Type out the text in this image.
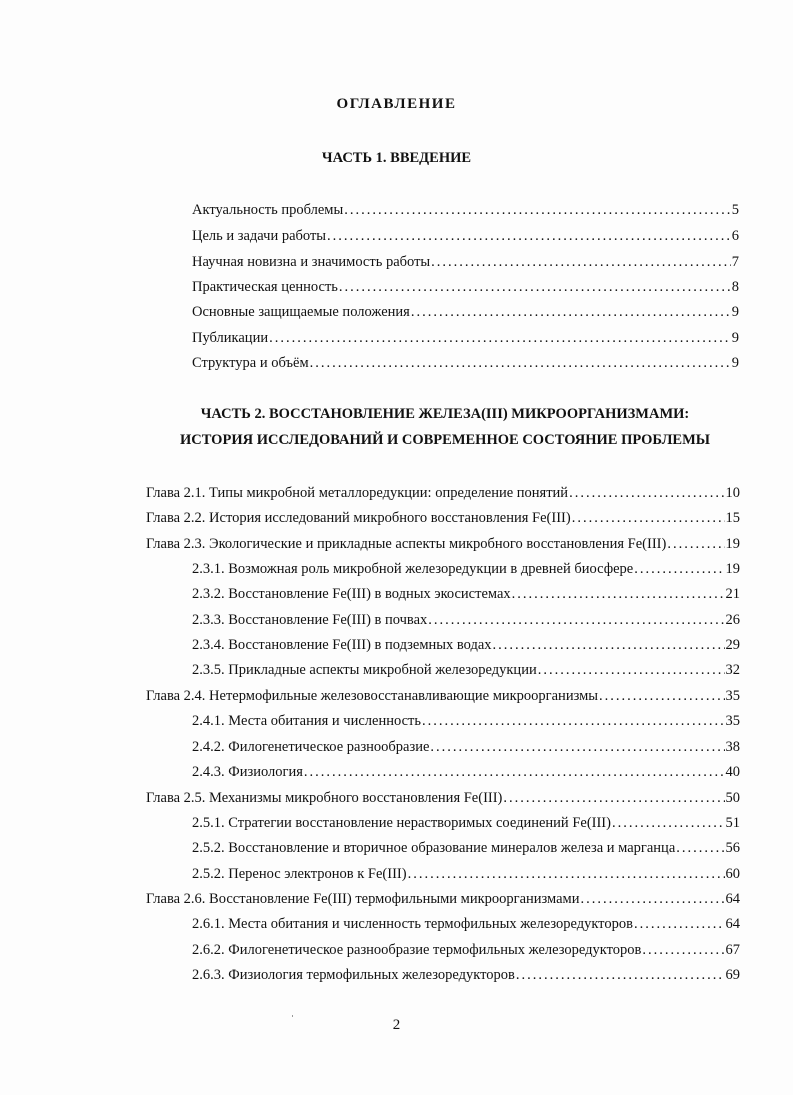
ОГЛАВЛЕНИЕ
ЧАСТЬ 1. ВВЕДЕНИЕ
Актуальность проблемы .....	5
Цель и задачи работы .....	6
Научная новизна и значимость работы .....	7
Практическая ценность .....	8
Основные защищаемые положения .....	9
Публикации .....	9
Структура и объём .....	9
ЧАСТЬ 2. ВОССТАНОВЛЕНИЕ ЖЕЛЕЗА(III) МИКРООРГАНИЗМАМИ:
ИСТОРИЯ ИССЛЕДОВАНИЙ И СОВРЕМЕННОЕ СОСТОЯНИЕ ПРОБЛЕМЫ
Глава 2.1. Типы микробной металлоредукции: определение понятий .....	10
Глава 2.2. История исследований микробного восстановления Fe(III) .....	15
Глава 2.3. Экологические и прикладные аспекты микробного восстановления Fe(III) .....	19
2.3.1. Возможная роль микробной железоредукции в древней биосфере .....	19
2.3.2. Восстановление Fe(III) в водных экосистемах .....	21
2.3.3. Восстановление Fe(III) в почвах .....	26
2.3.4. Восстановление Fe(III) в подземных водах .....	29
2.3.5. Прикладные аспекты микробной железоредукции .....	32
Глава 2.4. Нетермофильные железовосстанавливающие микроорганизмы .....	35
2.4.1. Места обитания и численность .....	35
2.4.2. Филогенетическое разнообразие .....	38
2.4.3. Физиология .....	40
Глава 2.5. Механизмы микробного восстановления Fe(III) .....	50
2.5.1. Стратегии восстановление нерастворимых соединений Fe(III) .....	51
2.5.2. Восстановление и вторичное образование минералов железа и марганца .....	56
2.5.2. Перенос электронов к Fe(III) .....	60
Глава 2.6. Восстановление Fe(III) термофильными микроорганизмами .....	64
2.6.1. Места обитания и численность термофильных железоредукторов .....	64
2.6.2. Филогенетическое разнообразие термофильных железоредукторов .....	67
2.6.3. Физиология термофильных железоредукторов .....	69
2
